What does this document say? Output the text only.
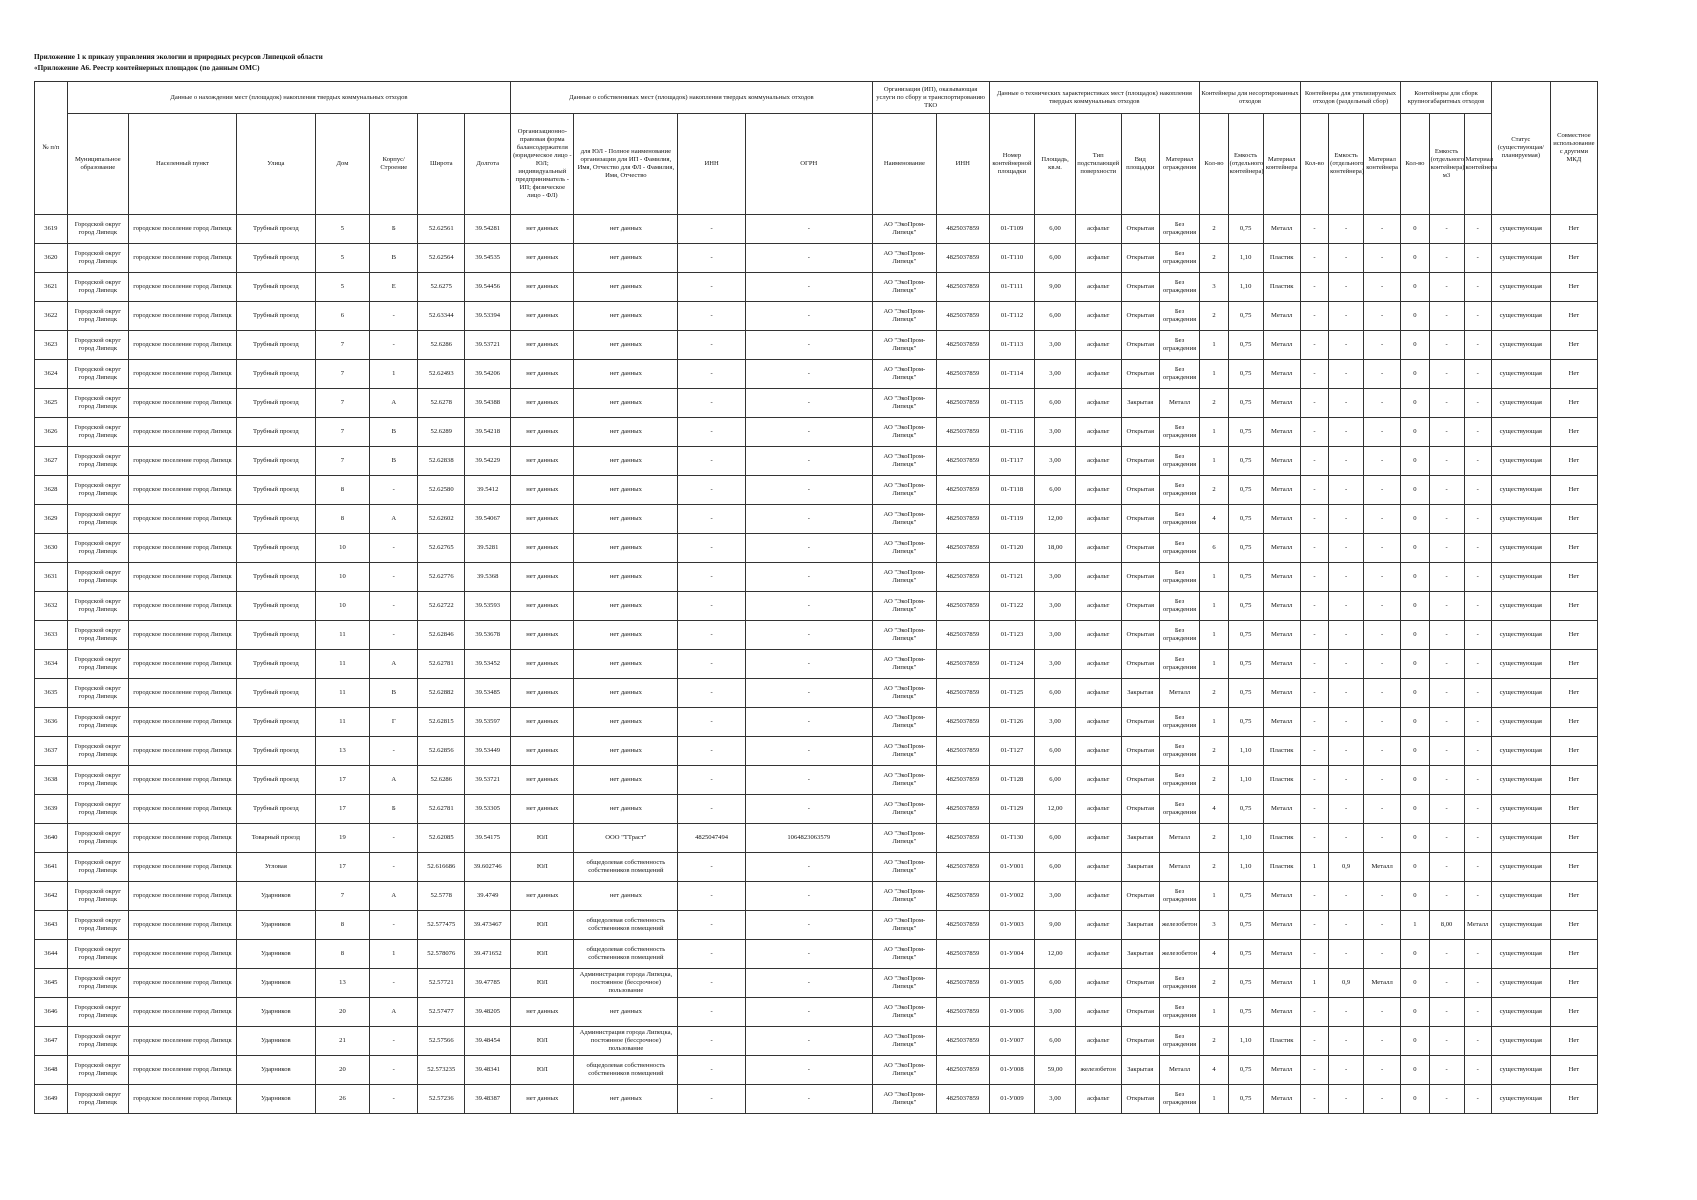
Приложение 1 к приказу управления экологии и природных ресурсов Липецкой области
«Приложение А6. Реестр контейнерных площадок (по данным ОМС)
№ п/п	Данные о нахождении мест (площадок) накопления твердых коммунальных отходов							Данные о собственниках мест (площадок) накопления твердых коммунальных отходов				Организация (ИП), оказывающая услуги по сбору и транспортированию ТКО		Данные о технических характеристиках мест (площадок) накопления твердых коммунальных отходов					Контейнеры для несортированных отходов			Контейнеры для утилизируемых отходов (раздельный сбор)			Контейнеры для сборк крупногабаритных отходов			Статус (существующая/ планируемая)	Совместное использование с другими МКД
	Муниципальное образование	Населенный пункт	Улица	Дом	Корпус/Строение	Широта	Долгота	Организационно-правовая форма балансодержателя (юридическое лицо - ЮЛ; индивидуальный предприниматель - ИП; физическое лицо - ФЛ)	для ЮЛ - Полное наименование организации для ИП - Фамилия, Имя, Отчество для ФЛ - Фамилия, Имя, Отчество	ИНН	ОГРН	Наименование	ИНН	Номер контейнерной площадки	Площадь, кв.м.	Тип подстилающей поверхности	Вид площадки	Материал ограждения	Кол-во	Емкость (отдельного контейнера)	Материал контейнера	Кол-во	Емкость (отдельного контейнера)	Материал контейнера	Кол-во	Емкость (отдельного контейнера) м3	Материал контейнера		
3619	Городской округ город Липецк	городское поселение город Липецк	Трубный проезд	5	Б	52.62561	39.54281	нет данных	нет данных	-	-	АО "ЭкоПром-Липецк"	4825037859	01-Т109	6,00	асфальт	Открытая	Без ограждения	2	0,75	Металл	-	-	-	0	-	-	существующая	Нет
3620	Городской округ город Липецк	городское поселение город Липецк	Трубный проезд	5	В	52.62564	39.54535	нет данных	нет данных	-	-	АО "ЭкоПром-Липецк"	4825037859	01-Т110	6,00	асфальт	Открытая	Без ограждения	2	1,10	Пластик	-	-	-	0	-	-	существующая	Нет
3621	Городской округ город Липецк	городское поселение город Липецк	Трубный проезд	5	Е	52.6275	39.54456	нет данных	нет данных	-	-	АО "ЭкоПром-Липецк"	4825037859	01-Т111	9,00	асфальт	Открытая	Без ограждения	3	1,10	Пластик	-	-	-	0	-	-	существующая	Нет
3622	Городской округ город Липецк	городское поселение город Липецк	Трубный проезд	6	-	52.63344	39.53394	нет данных	нет данных	-	-	АО "ЭкоПром-Липецк"	4825037859	01-Т112	6,00	асфальт	Открытая	Без ограждения	2	0,75	Металл	-	-	-	0	-	-	существующая	Нет
3623	Городской округ город Липецк	городское поселение город Липецк	Трубный проезд	7	-	52.6286	39.53721	нет данных	нет данных	-	-	АО "ЭкоПром-Липецк"	4825037859	01-Т113	3,00	асфальт	Открытая	Без ограждения	1	0,75	Металл	-	-	-	0	-	-	существующая	Нет
3624	Городской округ город Липецк	городское поселение город Липецк	Трубный проезд	7	1	52.62493	39.54206	нет данных	нет данных	-	-	АО "ЭкоПром-Липецк"	4825037859	01-Т114	3,00	асфальт	Открытая	Без ограждения	1	0,75	Металл	-	-	-	0	-	-	существующая	Нет
3625	Городской округ город Липецк	городское поселение город Липецк	Трубный проезд	7	А	52.6278	39.54388	нет данных	нет данных	-	-	АО "ЭкоПром-Липецк"	4825037859	01-Т115	6,00	асфальт	Закрытая	Металл	2	0,75	Металл	-	-	-	0	-	-	существующая	Нет
3626	Городской округ город Липецк	городское поселение город Липецк	Трубный проезд	7	В	52.6289	39.54218	нет данных	нет данных	-	-	АО "ЭкоПром-Липецк"	4825037859	01-Т116	3,00	асфальт	Открытая	Без ограждения	1	0,75	Металл	-	-	-	0	-	-	существующая	Нет
3627	Городской округ город Липецк	городское поселение город Липецк	Трубный проезд	7	В	52.62838	39.54229	нет данных	нет данных	-	-	АО "ЭкоПром-Липецк"	4825037859	01-Т117	3,00	асфальт	Открытая	Без ограждения	1	0,75	Металл	-	-	-	0	-	-	существующая	Нет
3628	Городской округ город Липецк	городское поселение город Липецк	Трубный проезд	8	-	52.62580	39.5412	нет данных	нет данных	-	-	АО "ЭкоПром-Липецк"	4825037859	01-Т118	6,00	асфальт	Открытая	Без ограждения	2	0,75	Металл	-	-	-	0	-	-	существующая	Нет
3629	Городской округ город Липецк	городское поселение город Липецк	Трубный проезд	8	А	52.62602	39.54067	нет данных	нет данных	-	-	АО "ЭкоПром-Липецк"	4825037859	01-Т119	12,00	асфальт	Открытая	Без ограждения	4	0,75	Металл	-	-	-	0	-	-	существующая	Нет
3630	Городской округ город Липецк	городское поселение город Липецк	Трубный проезд	10	-	52.62765	39.5281	нет данных	нет данных	-	-	АО "ЭкоПром-Липецк"	4825037859	01-Т120	18,00	асфальт	Открытая	Без ограждения	6	0,75	Металл	-	-	-	0	-	-	существующая	Нет
3631	Городской округ город Липецк	городское поселение город Липецк	Трубный проезд	10	-	52.62776	39.5368	нет данных	нет данных	-	-	АО "ЭкоПром-Липецк"	4825037859	01-Т121	3,00	асфальт	Открытая	Без ограждения	1	0,75	Металл	-	-	-	0	-	-	существующая	Нет
3632	Городской округ город Липецк	городское поселение город Липецк	Трубный проезд	10	-	52.62722	39.53593	нет данных	нет данных	-	-	АО "ЭкоПром-Липецк"	4825037859	01-Т122	3,00	асфальт	Открытая	Без ограждения	1	0,75	Металл	-	-	-	0	-	-	существующая	Нет
3633	Городской округ город Липецк	городское поселение город Липецк	Трубный проезд	11	-	52.62846	39.53678	нет данных	нет данных	-	-	АО "ЭкоПром-Липецк"	4825037859	01-Т123	3,00	асфальт	Открытая	Без ограждения	1	0,75	Металл	-	-	-	0	-	-	существующая	Нет
3634	Городской округ город Липецк	городское поселение город Липецк	Трубный проезд	11	А	52.62781	39.53452	нет данных	нет данных	-	-	АО "ЭкоПром-Липецк"	4825037859	01-Т124	3,00	асфальт	Открытая	Без ограждения	1	0,75	Металл	-	-	-	0	-	-	существующая	Нет
3635	Городской округ город Липецк	городское поселение город Липецк	Трубный проезд	11	В	52.62882	39.53485	нет данных	нет данных	-	-	АО "ЭкоПром-Липецк"	4825037859	01-Т125	6,00	асфальт	Закрытая	Металл	2	0,75	Металл	-	-	-	0	-	-	существующая	Нет
3636	Городской округ город Липецк	городское поселение город Липецк	Трубный проезд	11	Г	52.62815	39.53597	нет данных	нет данных	-	-	АО "ЭкоПром-Липецк"	4825037859	01-Т126	3,00	асфальт	Открытая	Без ограждения	1	0,75	Металл	-	-	-	0	-	-	существующая	Нет
3637	Городской округ город Липецк	городское поселение город Липецк	Трубный проезд	13	-	52.62856	39.53449	нет данных	нет данных	-	-	АО "ЭкоПром-Липецк"	4825037859	01-Т127	6,00	асфальт	Открытая	Без ограждения	2	1,10	Пластик	-	-	-	0	-	-	существующая	Нет
3638	Городской округ город Липецк	городское поселение город Липецк	Трубный проезд	17	А	52.6286	39.53721	нет данных	нет данных	-	-	АО "ЭкоПром-Липецк"	4825037859	01-Т128	6,00	асфальт	Открытая	Без ограждения	2	1,10	Пластик	-	-	-	0	-	-	существующая	Нет
3639	Городской округ город Липецк	городское поселение город Липецк	Трубный проезд	17	Б	52.62781	39.53305	нет данных	нет данных	-	-	АО "ЭкоПром-Липецк"	4825037859	01-Т129	12,00	асфальт	Открытая	Без ограждения	4	0,75	Металл	-	-	-	0	-	-	существующая	Нет
3640	Городской округ город Липецк	городское поселение город Липецк	Товарный проезд	19	-	52.62085	39.54175	ЮЛ	ООО "ТТраст"	4825047494	1064823063579	АО "ЭкоПром-Липецк"	4825037859	01-Т130	6,00	асфальт	Закрытая	Металл	2	1,10	Пластик	-	-	-	0	-	-	существующая	Нет
3641	Городской округ город Липецк	городское поселение город Липецк	Угловая	17	-	52.616686	39.602746	ЮЛ	общедолевая собственность собственников помещений	-	-	АО "ЭкоПром-Липецк"	4825037859	01-У001	6,00	асфальт	Закрытая	Металл	2	1,10	Пластик	1	0,9	Металл	0	-	-	существующая	Нет
3642	Городской округ город Липецк	городское поселение город Липецк	Ударников	7	А	52.5778	39.4749	нет данных	нет данных	-	-	АО "ЭкоПром-Липецк"	4825037859	01-У002	3,00	асфальт	Открытая	Без ограждения	1	0,75	Металл	-	-	-	0	-	-	существующая	Нет
3643	Городской округ город Липецк	городское поселение город Липецк	Ударников	8	-	52.577475	39.473467	ЮЛ	общедолевая собственность собственников помещений	-	-	АО "ЭкоПром-Липецк"	4825037859	01-У003	9,00	асфальт	Закрытая	железобетон	3	0,75	Металл	-	-	-	1	8,00	Металл	существующая	Нет
3644	Городской округ город Липецк	городское поселение город Липецк	Ударников	8	1	52.578076	39.471652	ЮЛ	общедолевая собственность собственников помещений	-	-	АО "ЭкоПром-Липецк"	4825037859	01-У004	12,00	асфальт	Закрытая	железобетон	4	0,75	Металл	-	-	-	0	-	-	существующая	Нет
3645	Городской округ город Липецк	городское поселение город Липецк	Ударников	13	-	52.57721	39.47785	ЮЛ	Администрация города Липецка, постоянное (бессрочное) пользование	-	-	АО "ЭкоПром-Липецк"	4825037859	01-У005	6,00	асфальт	Открытая	Без ограждения	2	0,75	Металл	1	0,9	Металл	0	-	-	существующая	Нет
3646	Городской округ город Липецк	городское поселение город Липецк	Ударников	20	А	52.57477	39.48205	нет данных	нет данных	-	-	АО "ЭкоПром-Липецк"	4825037859	01-У006	3,00	асфальт	Открытая	Без ограждения	1	0,75	Металл	-	-	-	0	-	-	существующая	Нет
3647	Городской округ город Липецк	городское поселение город Липецк	Ударников	21	-	52.57566	39.48454	ЮЛ	Администрация города Липецка, постоянное (бессрочное) пользование	-	-	АО "ЭкоПром-Липецк"	4825037859	01-У007	6,00	асфальт	Открытая	Без ограждения	2	1,10	Пластик	-	-	-	0	-	-	существующая	Нет
3648	Городской округ город Липецк	городское поселение город Липецк	Ударников	20	-	52.573235	39.48341	ЮЛ	общедолевая собственность собственников помещений	-	-	АО "ЭкоПром-Липецк"	4825037859	01-У008	59,00	железобетон	Закрытая	Металл	4	0,75	Металл	-	-	-	0	-	-	существующая	Нет
3649	Городской округ город Липецк	городское поселение город Липецк	Ударников	26	-	52.57236	39.48387	нет данных	нет данных	-	-	АО "ЭкоПром-Липецк"	4825037859	01-У009	3,00	асфальт	Открытая	Без ограждения	1	0,75	Металл	-	-	-	0	-	-	существующая	Нет
